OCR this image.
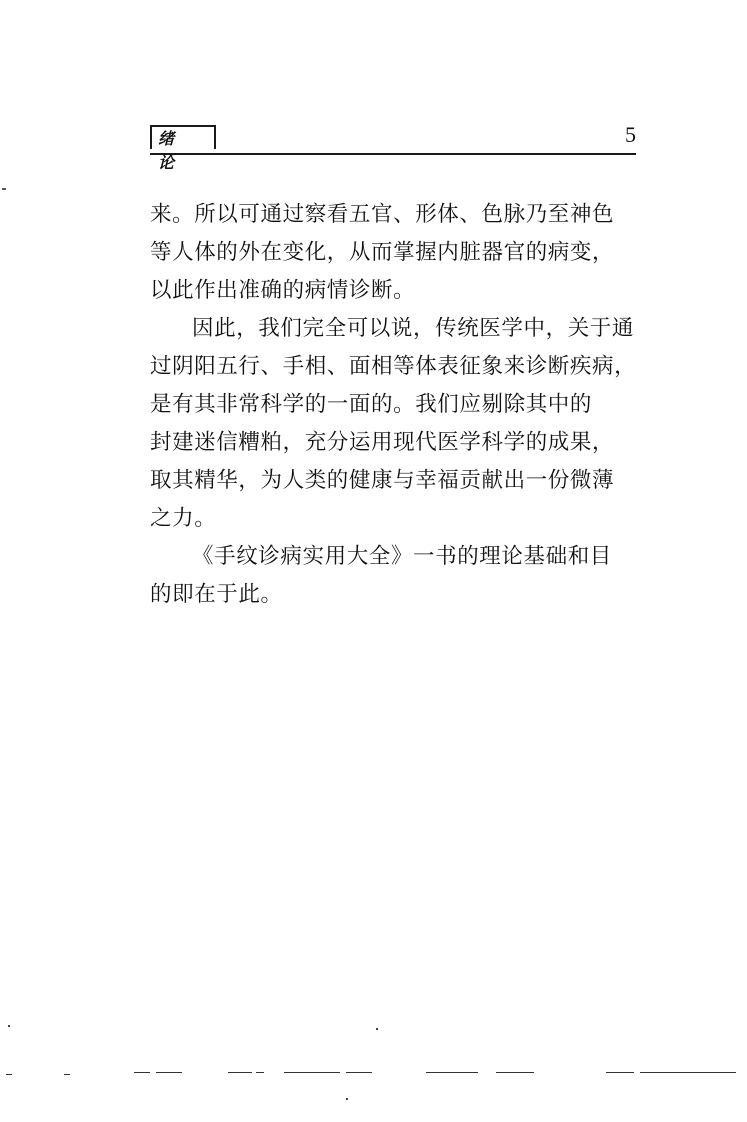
绪 论
5
来。所以可通过察看五官、形体、色脉乃至神色
等人体的外在变化，从而掌握内脏器官的病变，
以此作出准确的病情诊断。
因此，我们完全可以说，传统医学中，关于通
过阴阳五行、手相、面相等体表征象来诊断疾病，
是有其非常科学的一面的。我们应剔除其中的
封建迷信糟粕，充分运用现代医学科学的成果，
取其精华，为人类的健康与幸福贡献出一份微薄
之力。
《手纹诊病实用大全》一书的理论基础和目
的即在于此。
